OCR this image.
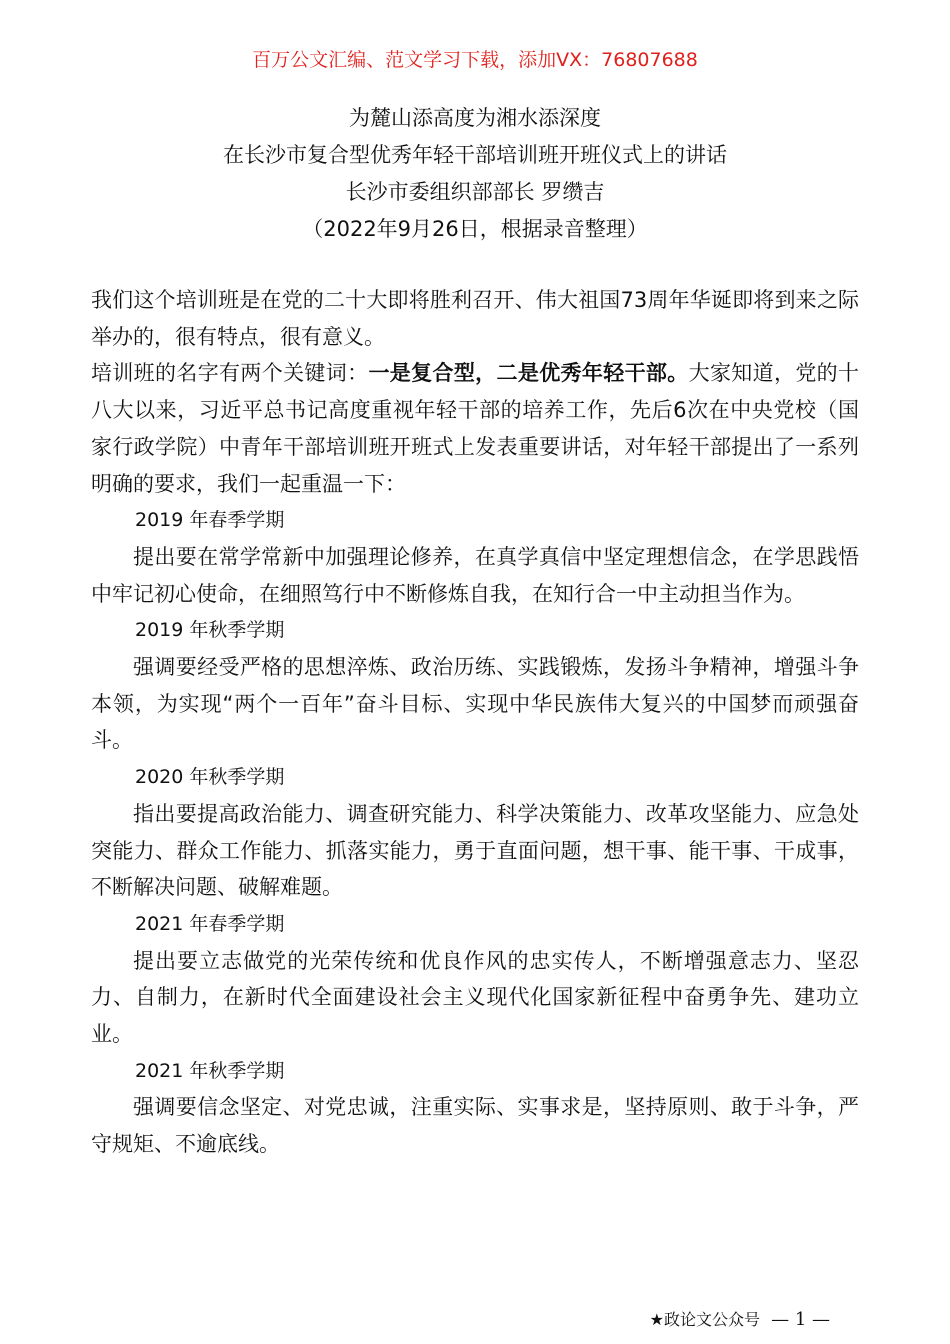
百万公文汇编、范文学习下载，添加VX：76807688
为麓山添高度为湘水添深度
在长沙市复合型优秀年轻干部培训班开班仪式上的讲话
长沙市委组织部部长 罗缵吉
（2022年9月26日，根据录音整理）

我们这个培训班是在党的二十大即将胜利召开、伟大祖国73周年华诞即将到来之际举办的，很有特点，很有意义。

培训班的名字有两个关键词：一是复合型，二是优秀年轻干部。大家知道，党的十八大以来，习近平总书记高度重视年轻干部的培养工作，先后6次在中央党校（国家行政学院）中青年干部培训班开班式上发表重要讲话，对年轻干部提出了一系列明确的要求，我们一起重温一下：

2019 年春季学期

提出要在常学常新中加强理论修养，在真学真信中坚定理想信念，在学思践悟中牢记初心使命，在细照笃行中不断修炼自我，在知行合一中主动担当作为。

2019 年秋季学期

强调要经受严格的思想淬炼、政治历练、实践锻炼，发扬斗争精神，增强斗争本领，为实现“两个一百年”奋斗目标、实现中华民族伟大复兴的中国梦而顽强奋斗。

2020 年秋季学期

指出要提高政治能力、调查研究能力、科学决策能力、改革攻坚能力、应急处突能力、群众工作能力、抓落实能力，勇于直面问题，想干事、能干事、干成事，不断解决问题、破解难题。

2021 年春季学期

提出要立志做党的光荣传统和优良作风的忠实传人，不断增强意志力、坚忍力、自制力，在新时代全面建设社会主义现代化国家新征程中奋勇争先、建功立业。

2021 年秋季学期

强调要信念坚定、对党忠诚，注重实际、实事求是，坚持原则、敢于斗争，严守规矩、不逾底线。

★政论文公众号 — 1 —
